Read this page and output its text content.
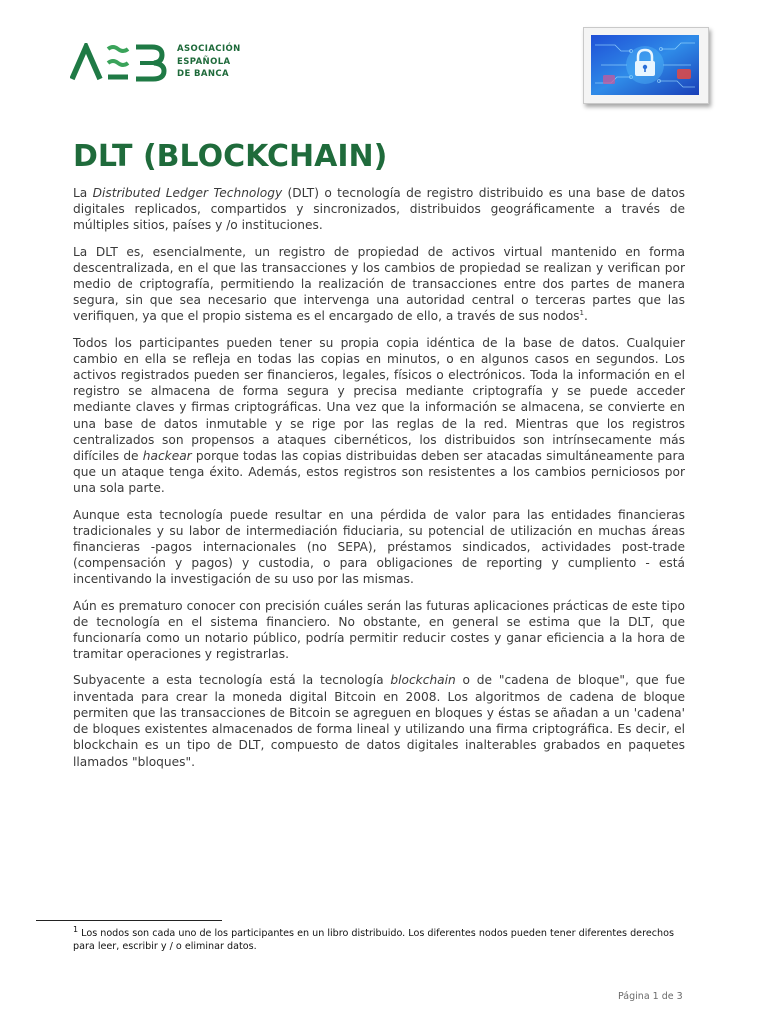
ASOCIACIÓN
ESPAÑOLA
DE BANCA
DLT (BLOCKCHAIN)

La Distributed Ledger Technology (DLT) o tecnología de registro distribuido es una base de datos digitales replicados, compartidos y sincronizados, distribuidos geográficamente a través de múltiples sitios, países y /o instituciones.

La DLT es, esencialmente, un registro de propiedad de activos virtual mantenido en forma descentralizada, en el que las transacciones y los cambios de propiedad se realizan y verifican por medio de criptografía, permitiendo la realización de transacciones entre dos partes de manera segura, sin que sea necesario que intervenga una autoridad central o terceras partes que las verifiquen, ya que el propio sistema es el encargado de ello, a través de sus nodos$^1$.

Todos los participantes pueden tener su propia copia idéntica de la base de datos. Cualquier cambio en ella se refleja en todas las copias en minutos, o en algunos casos en segundos. Los activos registrados pueden ser financieros, legales, físicos o electrónicos. Toda la información en el registro se almacena de forma segura y precisa mediante criptografía y se puede acceder mediante claves y firmas criptográficas. Una vez que la información se almacena, se convierte en una base de datos inmutable y se rige por las reglas de la red. Mientras que los registros centralizados son propensos a ataques cibernéticos, los distribuidos son intrínsecamente más difíciles de hackear porque todas las copias distribuidas deben ser atacadas simultáneamente para que un ataque tenga éxito. Además, estos registros son resistentes a los cambios perniciosos por una sola parte.

Aunque esta tecnología puede resultar en una pérdida de valor para las entidades financieras tradicionales y su labor de intermediación fiduciaria, su potencial de utilización en muchas áreas financieras -pagos internacionales (no SEPA), préstamos sindicados, actividades post-trade (compensación y pagos) y custodia, o para obligaciones de reporting y cumpliento - está incentivando la investigación de su uso por las mismas.

Aún es prematuro conocer con precisión cuáles serán las futuras aplicaciones prácticas de este tipo de tecnología en el sistema financiero. No obstante, en general se estima que la DLT, que funcionaría como un notario público, podría permitir reducir costes y ganar eficiencia a la hora de tramitar operaciones y registrarlas.

Subyacente a esta tecnología está la tecnología blockchain o de "cadena de bloque", que fue inventada para crear la moneda digital Bitcoin en 2008. Los algoritmos de cadena de bloque permiten que las transacciones de Bitcoin se agreguen en bloques y éstas se añadan a un 'cadena' de bloques existentes almacenados de forma lineal y utilizando una firma criptográfica. Es decir, el blockchain es un tipo de DLT, compuesto de datos digitales inalterables grabados en paquetes llamados "bloques".

$^1$ Los nodos son cada uno de los participantes en un libro distribuido. Los diferentes nodos pueden tener diferentes derechos para leer, escribir y / o eliminar datos.
Página 1 de 3
